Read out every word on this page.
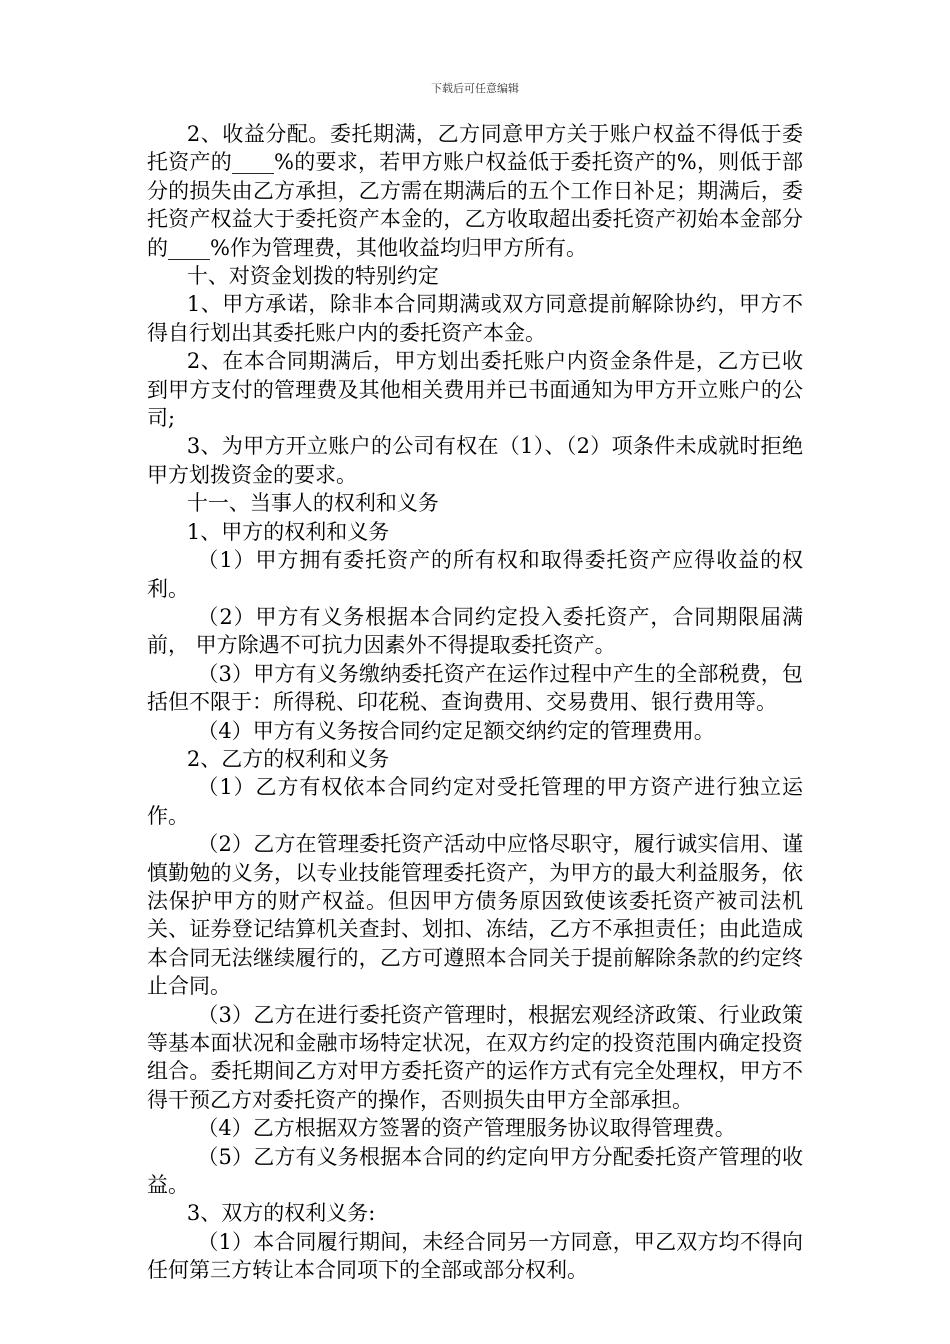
下载后可任意编辑

2、收益分配。委托期满，乙方同意甲方关于账户权益不得低于委托资产的____%的要求，若甲方账户权益低于委托资产的%，则低于部分的损失由乙方承担，乙方需在期满后的五个工作日补足；期满后，委托资产权益大于委托资产本金的，乙方收取超出委托资产初始本金部分的____%作为管理费，其他收益均归甲方所有。

十、对资金划拨的特别约定

1、甲方承诺，除非本合同期满或双方同意提前解除协约，甲方不得自行划出其委托账户内的委托资产本金。

2、在本合同期满后，甲方划出委托账户内资金条件是，乙方已收到甲方支付的管理费及其他相关费用并已书面通知为甲方开立账户的公司;

3、为甲方开立账户的公司有权在（1）、（2）项条件未成就时拒绝甲方划拨资金的要求。

十一、当事人的权利和义务

1、甲方的权利和义务

（1）甲方拥有委托资产的所有权和取得委托资产应得收益的权利。

（2）甲方有义务根据本合同约定投入委托资产，合同期限届满前， 甲方除遇不可抗力因素外不得提取委托资产。

（3）甲方有义务缴纳委托资产在运作过程中产生的全部税费，包括但不限于：所得税、印花税、查询费用、交易费用、银行费用等。

（4）甲方有义务按合同约定足额交纳约定的管理费用。

2、乙方的权利和义务

（1）乙方有权依本合同约定对受托管理的甲方资产进行独立运作。

（2）乙方在管理委托资产活动中应恪尽职守，履行诚实信用、谨慎勤勉的义务，以专业技能管理委托资产，为甲方的最大利益服务，依法保护甲方的财产权益。但因甲方债务原因致使该委托资产被司法机关、证券登记结算机关查封、划扣、冻结，乙方不承担责任；由此造成本合同无法继续履行的，乙方可遵照本合同关于提前解除条款的约定终止合同。

（3）乙方在进行委托资产管理时，根据宏观经济政策、行业政策等基本面状况和金融市场特定状况，在双方约定的投资范围内确定投资组合。委托期间乙方对甲方委托资产的运作方式有完全处理权，甲方不得干预乙方对委托资产的操作，否则损失由甲方全部承担。

（4）乙方根据双方签署的资产管理服务协议取得管理费。

（5）乙方有义务根据本合同的约定向甲方分配委托资产管理的收益。

3、双方的权利义务:

（1）本合同履行期间，未经合同另一方同意，甲乙双方均不得向任何第三方转让本合同项下的全部或部分权利。
